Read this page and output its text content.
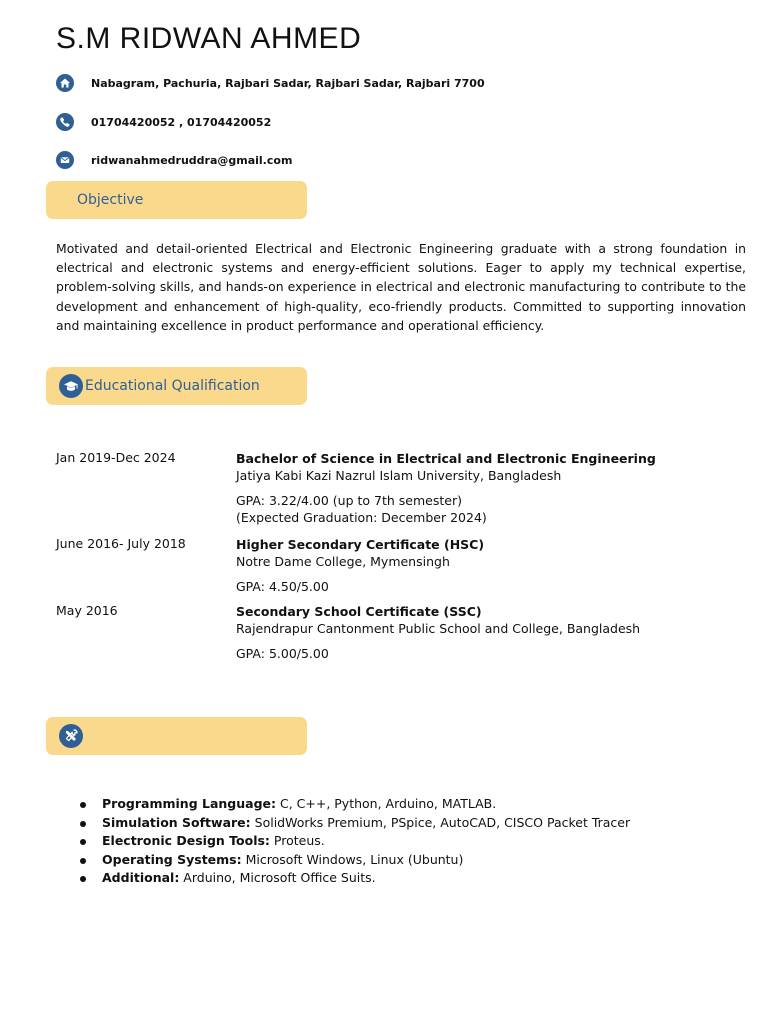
S.M RIDWAN AHMED
Nabagram, Pachuria, Rajbari Sadar, Rajbari Sadar, Rajbari 7700
01704420052 , 01704420052
ridwanahmedruddra@gmail.com
Objective
Motivated and detail-oriented Electrical and Electronic Engineering graduate with a strong foundation in electrical and electronic systems and energy-efficient solutions. Eager to apply my technical expertise, problem-solving skills, and hands-on experience in electrical and electronic manufacturing to contribute to the development and enhancement of high-quality, eco-friendly products. Committed to supporting innovation and maintaining excellence in product performance and operational efficiency.
Educational Qualification
Jan 2019-Dec 2024	Bachelor of Science in Electrical and Electronic Engineering
Jatiya Kabi Kazi Nazrul Islam University, Bangladesh
GPA: 3.22/4.00 (up to 7th semester)
(Expected Graduation: December 2024)
June 2016- July 2018	Higher Secondary Certificate (HSC)
Notre Dame College, Mymensingh
GPA: 4.50/5.00
May 2016	Secondary School Certificate (SSC)
Rajendrapur Cantonment Public School and College, Bangladesh
GPA: 5.00/5.00
Programming Language: C, C++, Python, Arduino, MATLAB.
Simulation Software: SolidWorks Premium, PSpice, AutoCAD, CISCO Packet Tracer
Electronic Design Tools: Proteus.
Operating Systems: Microsoft Windows, Linux (Ubuntu)
Additional: Arduino, Microsoft Office Suits.
